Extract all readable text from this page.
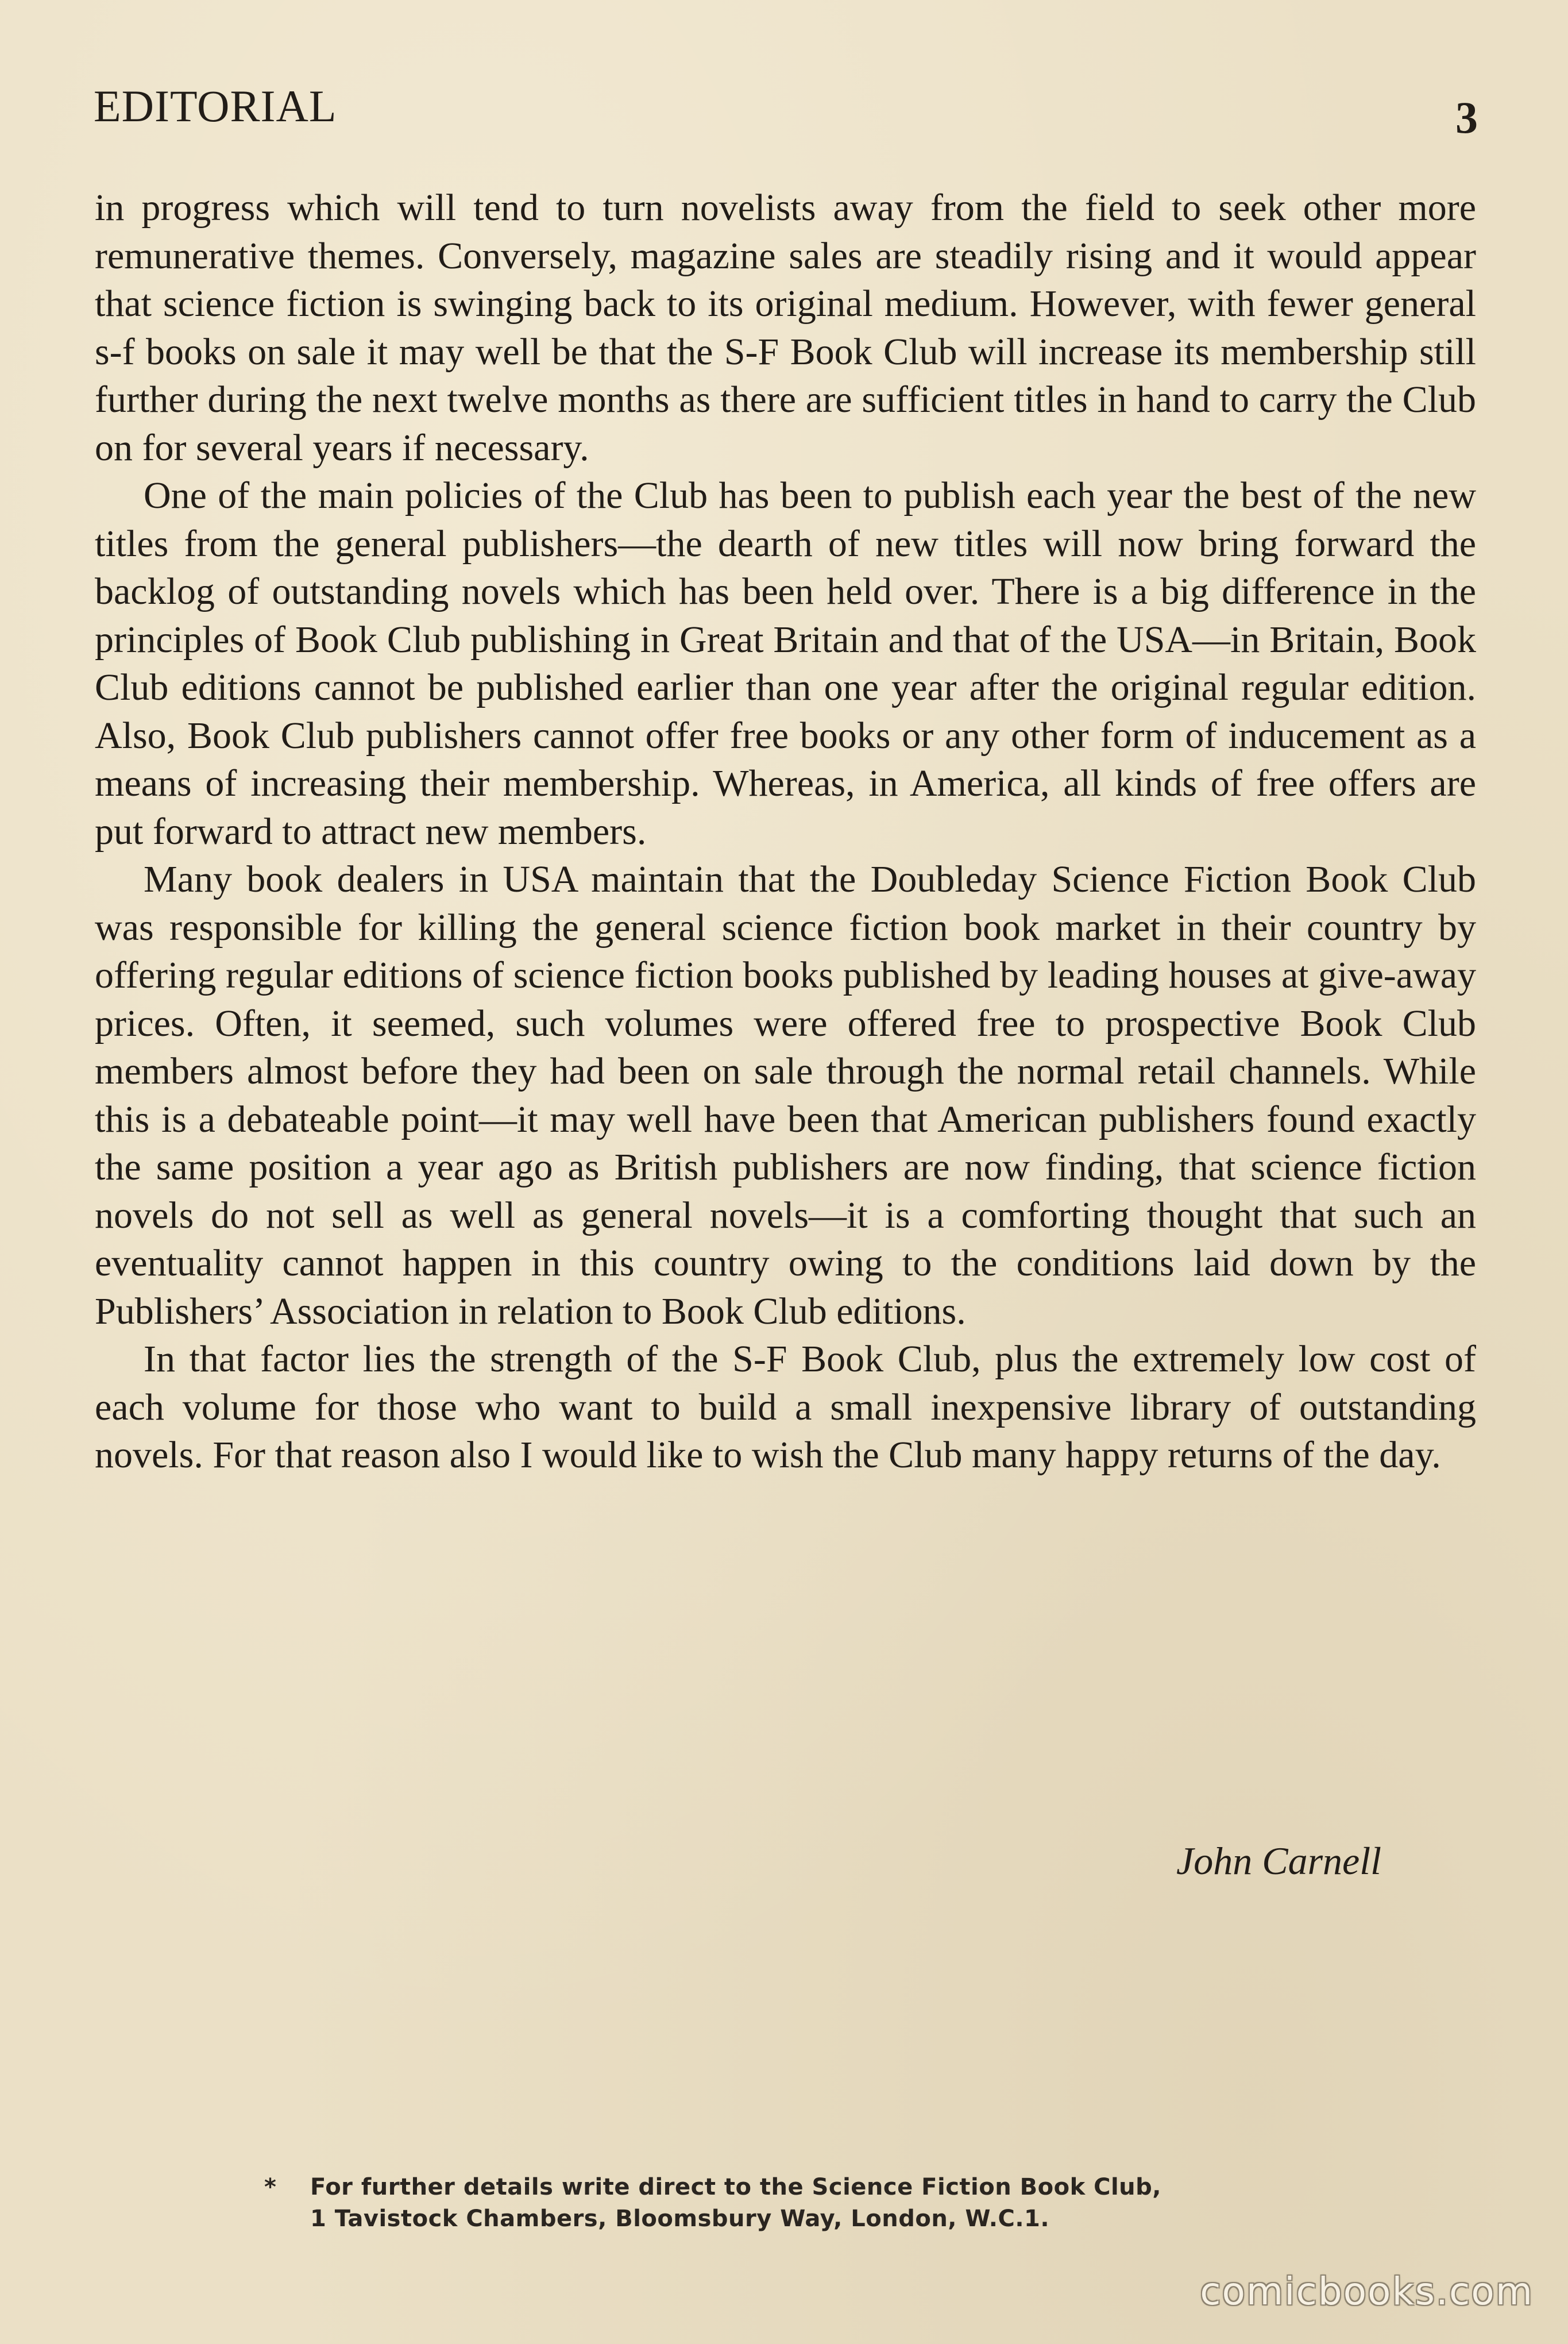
EDITORIAL	3

in progress which will tend to turn novelists away from the field to seek other more remunerative themes. Conversely, magazine sales are steadily rising and it would appear that science fiction is swinging back to its original medium. However, with fewer general s-f books on sale it may well be that the S-F Book Club will increase its membership still further during the next twelve months as there are sufficient titles in hand to carry the Club on for several years if necessary.

One of the main policies of the Club has been to publish each year the best of the new titles from the general publishers—the dearth of new titles will now bring forward the backlog of outstanding novels which has been held over. There is a big difference in the principles of Book Club publishing in Great Britain and that of the USA—in Britain, Book Club editions cannot be published earlier than one year after the original regular edition. Also, Book Club publishers cannot offer free books or any other form of inducement as a means of increasing their membership. Whereas, in America, all kinds of free offers are put forward to attract new members.

Many book dealers in USA maintain that the Doubleday Science Fiction Book Club was responsible for killing the general science fiction book market in their country by offering regular editions of science fiction books published by leading houses at give-away prices. Often, it seemed, such volumes were offered free to prospective Book Club members almost before they had been on sale through the normal retail channels. While this is a debateable point—it may well have been that American publishers found exactly the same position a year ago as British publishers are now finding, that science fiction novels do not sell as well as general novels—it is a comforting thought that such an eventuality cannot happen in this country owing to the conditions laid down by the Publishers’ Association in relation to Book Club editions.

In that factor lies the strength of the S-F Book Club, plus the extremely low cost of each volume for those who want to build a small inexpensive library of outstanding novels. For that reason also I would like to wish the Club many happy returns of the day.

John Carnell
*	For further details write direct to the Science Fiction Book Club,
1 Tavistock Chambers, Bloomsbury Way, London, W.C.1.
comicbooks.com
